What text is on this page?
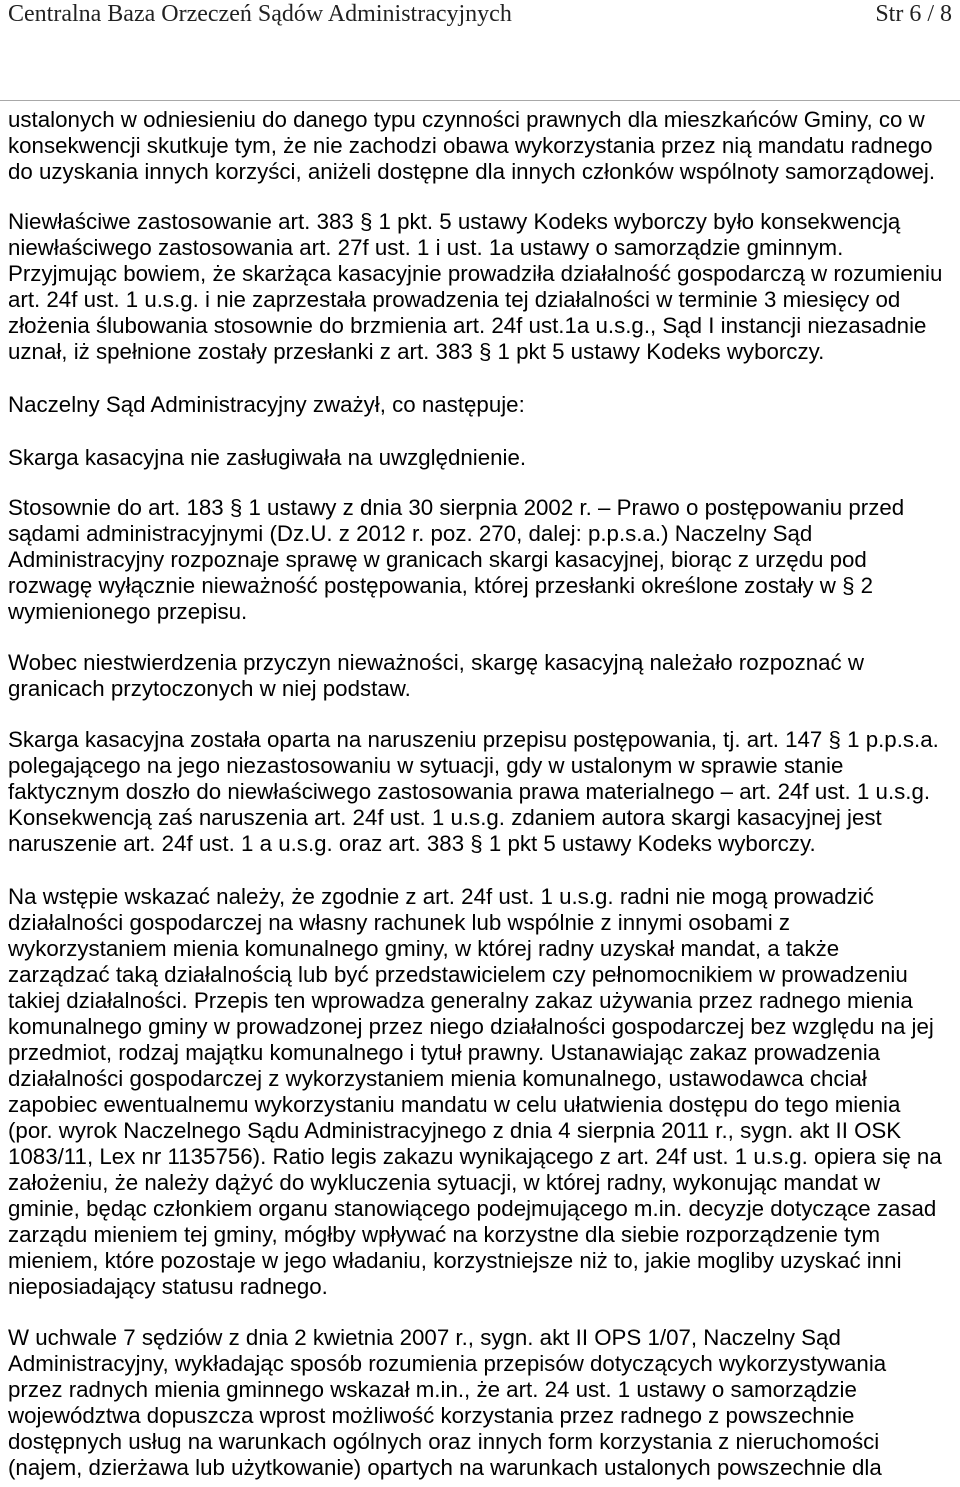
Centralna Baza Orzeczeń Sądów Administracyjnych	Str 6 / 8
ustalonych w odniesieniu do danego typu czynności prawnych dla mieszkańców Gminy, co w
konsekwencji skutkuje tym, że nie zachodzi obawa wykorzystania przez nią mandatu radnego
do uzyskania innych korzyści, aniżeli dostępne dla innych członków wspólnoty samorządowej.
Niewłaściwe zastosowanie art. 383 § 1 pkt. 5 ustawy Kodeks wyborczy było konsekwencją
niewłaściwego zastosowania art. 27f ust. 1 i ust. 1a ustawy o samorządzie gminnym.
Przyjmując bowiem, że skarżąca kasacyjnie prowadziła działalność gospodarczą w rozumieniu
art. 24f ust. 1 u.s.g. i nie zaprzestała prowadzenia tej działalności w terminie 3 miesięcy od
złożenia ślubowania stosownie do brzmienia art. 24f ust.1a u.s.g., Sąd I instancji niezasadnie
uznał, iż spełnione zostały przesłanki z art. 383 § 1 pkt 5 ustawy Kodeks wyborczy.
Naczelny Sąd Administracyjny zważył, co następuje:
Skarga kasacyjna nie zasługiwała na uwzględnienie.
Stosownie do art. 183 § 1 ustawy z dnia 30 sierpnia 2002 r. – Prawo o postępowaniu przed
sądami administracyjnymi (Dz.U. z 2012 r. poz. 270, dalej: p.p.s.a.) Naczelny Sąd
Administracyjny rozpoznaje sprawę w granicach skargi kasacyjnej, biorąc z urzędu pod
rozwagę wyłącznie nieważność postępowania, której przesłanki określone zostały w § 2
wymienionego przepisu.
Wobec niestwierdzenia przyczyn nieważności, skargę kasacyjną należało rozpoznać w
granicach przytoczonych w niej podstaw.
Skarga kasacyjna została oparta na naruszeniu przepisu postępowania, tj. art. 147 § 1 p.p.s.a.
polegającego na jego niezastosowaniu w sytuacji, gdy w ustalonym w sprawie stanie
faktycznym doszło do niewłaściwego zastosowania prawa materialnego – art. 24f ust. 1 u.s.g.
Konsekwencją zaś naruszenia art. 24f ust. 1 u.s.g. zdaniem autora skargi kasacyjnej jest
naruszenie art. 24f ust. 1 a u.s.g. oraz art. 383 § 1 pkt 5 ustawy Kodeks wyborczy.
Na wstępie wskazać należy, że zgodnie z art. 24f ust. 1 u.s.g. radni nie mogą prowadzić
działalności gospodarczej na własny rachunek lub wspólnie z innymi osobami z
wykorzystaniem mienia komunalnego gminy, w której radny uzyskał mandat, a także
zarządzać taką działalnością lub być przedstawicielem czy pełnomocnikiem w prowadzeniu
takiej działalności. Przepis ten wprowadza generalny zakaz używania przez radnego mienia
komunalnego gminy w prowadzonej przez niego działalności gospodarczej bez względu na jej
przedmiot, rodzaj majątku komunalnego i tytuł prawny. Ustanawiając zakaz prowadzenia
działalności gospodarczej z wykorzystaniem mienia komunalnego, ustawodawca chciał
zapobiec ewentualnemu wykorzystaniu mandatu w celu ułatwienia dostępu do tego mienia
(por. wyrok Naczelnego Sądu Administracyjnego z dnia 4 sierpnia 2011 r., sygn. akt II OSK
1083/11, Lex nr 1135756). Ratio legis zakazu wynikającego z art. 24f ust. 1 u.s.g. opiera się na
założeniu, że należy dążyć do wykluczenia sytuacji, w której radny, wykonując mandat w
gminie, będąc członkiem organu stanowiącego podejmującego m.in. decyzje dotyczące zasad
zarządu mieniem tej gminy, mógłby wpływać na korzystne dla siebie rozporządzenie tym
mieniem, które pozostaje w jego władaniu, korzystniejsze niż to, jakie mogliby uzyskać inni
nieposiadający statusu radnego.
W uchwale 7 sędziów z dnia 2 kwietnia 2007 r., sygn. akt II OPS 1/07, Naczelny Sąd
Administracyjny, wykładając sposób rozumienia przepisów dotyczących wykorzystywania
przez radnych mienia gminnego wskazał m.in., że art. 24 ust. 1 ustawy o samorządzie
województwa dopuszcza wprost możliwość korzystania przez radnego z powszechnie
dostępnych usług na warunkach ogólnych oraz innych form korzystania z nieruchomości
(najem, dzierżawa lub użytkowanie) opartych na warunkach ustalonych powszechnie dla
